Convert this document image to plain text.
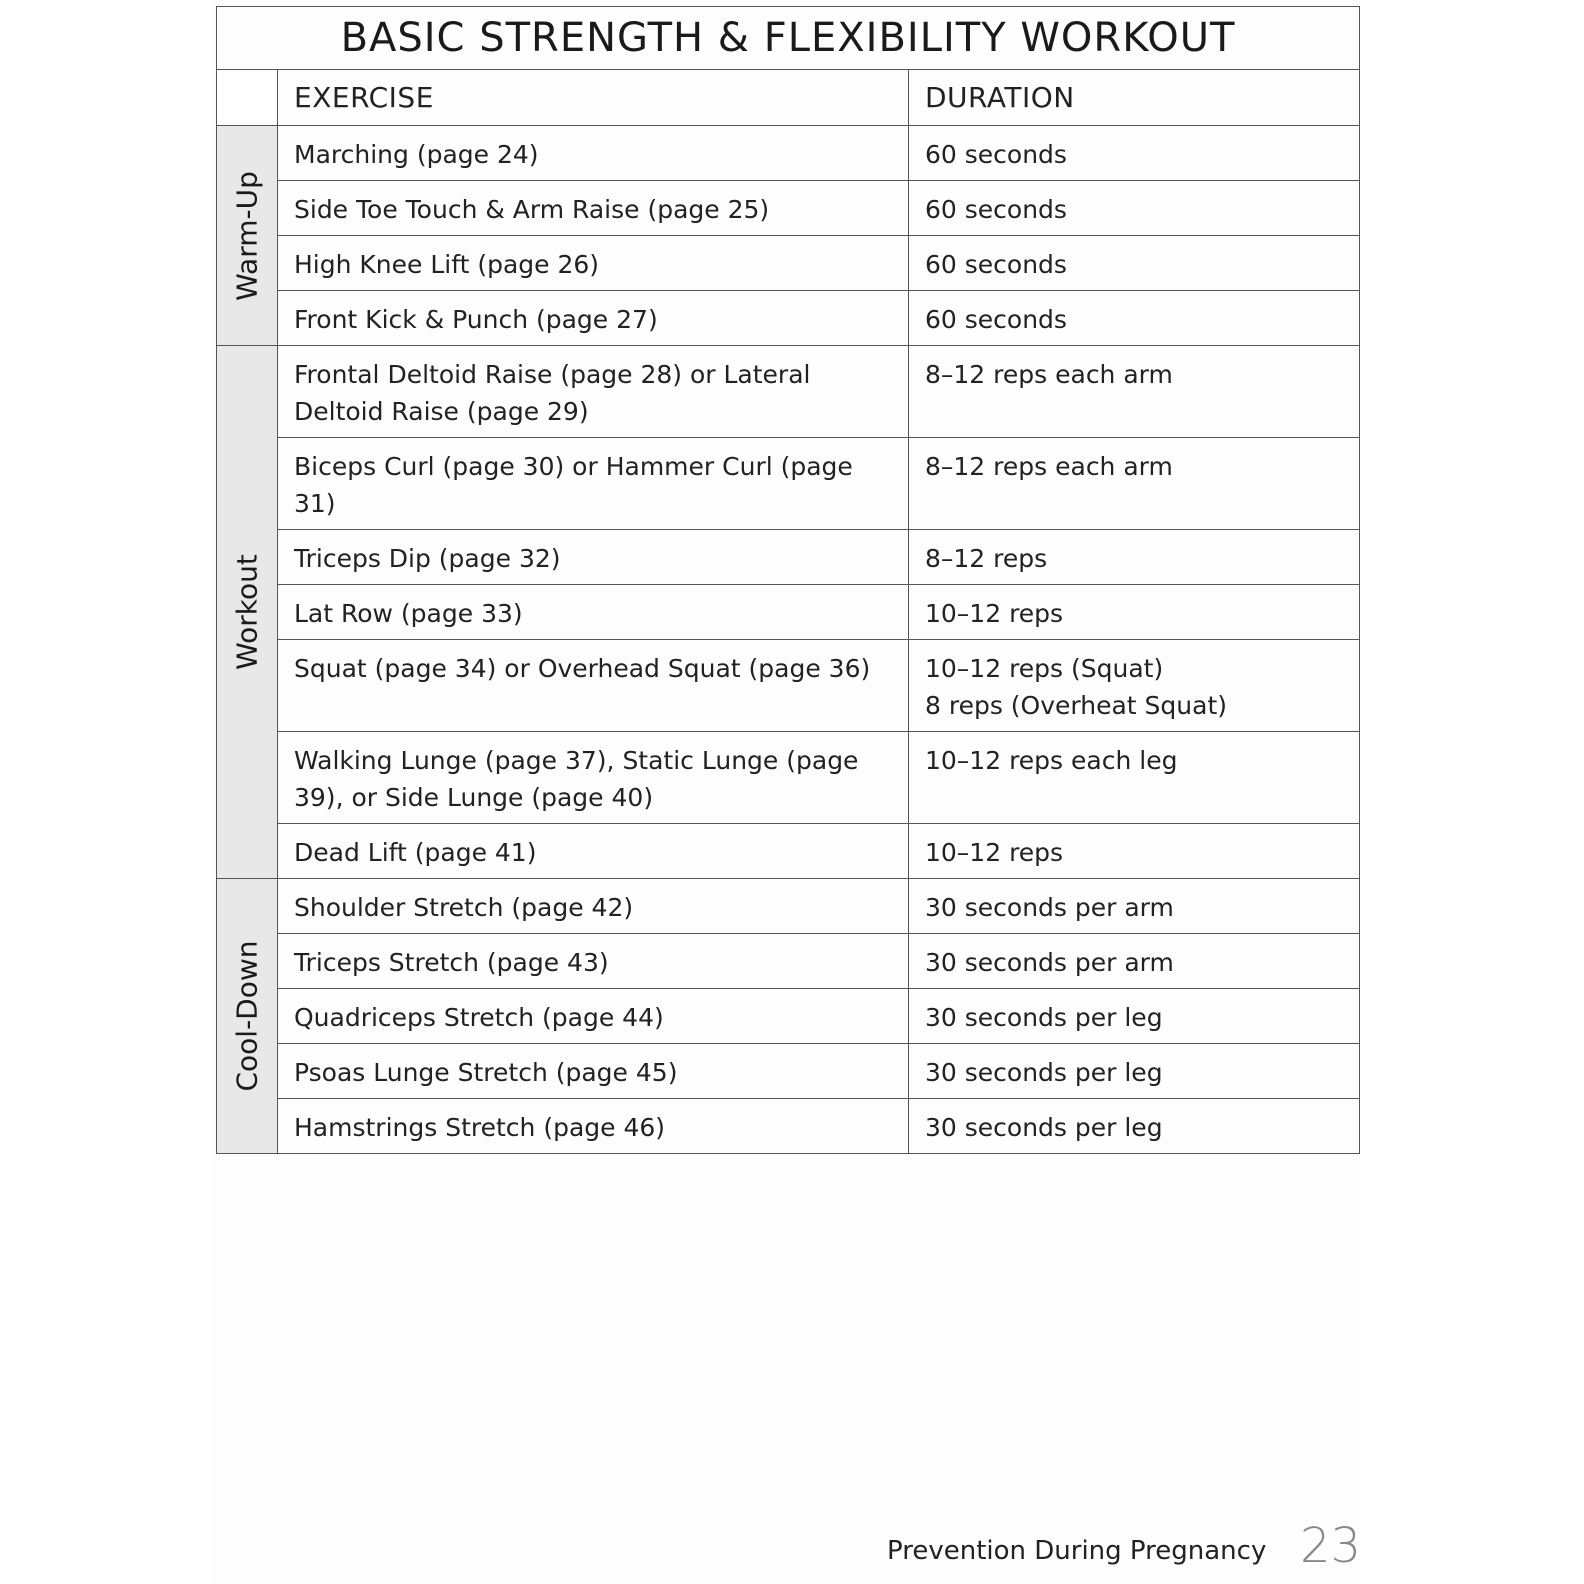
BASIC STRENGTH & FLEXIBILITY WORKOUT		
	EXERCISE	DURATION

Warm-Up	Marching (page 24)	60 seconds

	Side Toe Touch & Arm Raise (page 25)	60 seconds

	High Knee Lift (page 26)	60 seconds

	Front Kick & Punch (page 27)	60 seconds

Workout	Frontal Deltoid Raise (page 28) or Lateral Deltoid Raise (page 29)	8–12 reps each arm

	Biceps Curl (page 30) or Hammer Curl (page 31)	8–12 reps each arm

	Triceps Dip (page 32)	8–12 reps

	Lat Row (page 33)	10–12 reps

	Squat (page 34) or Overhead Squat (page 36)	10–12 reps (Squat)
8 reps (Overheat Squat)

	Walking Lunge (page 37), Static Lunge (page 39), or Side Lunge (page 40)	10–12 reps each leg

	Dead Lift (page 41)	10–12 reps

Cool-Down	Shoulder Stretch (page 42)	30 seconds per arm

	Triceps Stretch (page 43)	30 seconds per arm

	Quadriceps Stretch (page 44)	30 seconds per leg

	Psoas Lunge Stretch (page 45)	30 seconds per leg

	Hamstrings Stretch (page 46)	30 seconds per leg
Prevention During Pregnancy 23
